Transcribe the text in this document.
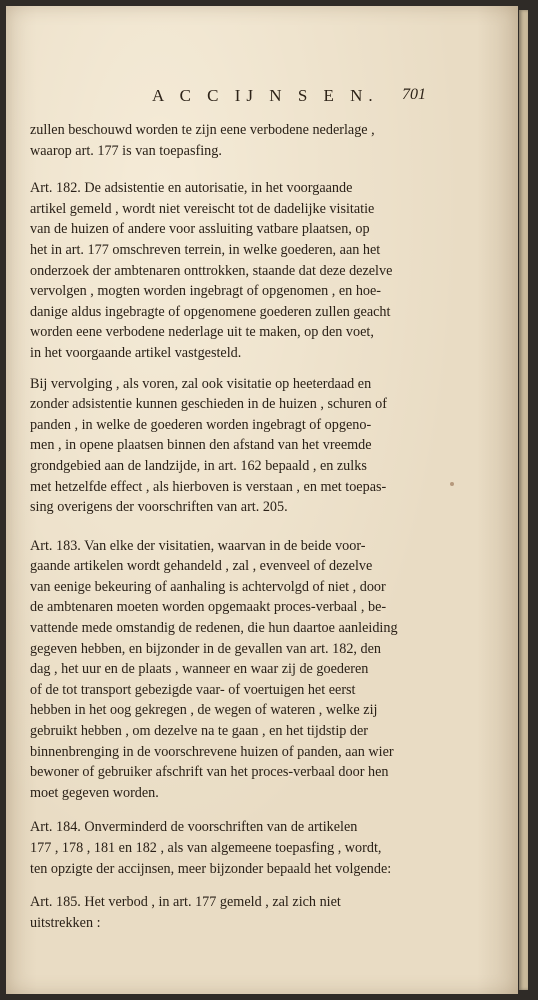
A C C IJ N S E N. 701

zullen beschouwd worden te zijn eene verbodene nederlage ,
waarop art. 177 is van toepasfing.

Art. 182. De adsistentie en autorisatie, in het voorgaande
artikel gemeld , wordt niet vereischt tot de dadelijke visitatie
van de huizen of andere voor assluiting vatbare plaatsen, op
het in art. 177 omschreven terrein, in welke goederen, aan het
onderzoek der ambtenaren onttrokken, staande dat deze dezelve
vervolgen , mogten worden ingebragt of opgenomen , en hoe-
danige aldus ingebragte of opgenomene goederen zullen geacht
worden eene verbodene nederlage uit te maken, op den voet,
in het voorgaande artikel vastgesteld.

Bij vervolging , als voren, zal ook visitatie op heeterdaad en
zonder adsistentie kunnen geschieden in de huizen , schuren of
panden , in welke de goederen worden ingebragt of opgeno-
men , in opene plaatsen binnen den afstand van het vreemde
grondgebied aan de landzijde, in art. 162 bepaald , en zulks
met hetzelfde effect , als hierboven is verstaan , en met toepas-
sing overigens der voorschriften van art. 205.

Art. 183. Van elke der visitatien, waarvan in de beide voor-
gaande artikelen wordt gehandeld , zal , evenveel of dezelve
van eenige bekeuring of aanhaling is achtervolgd of niet , door
de ambtenaren moeten worden opgemaakt proces-verbaal , be-
vattende mede omstandig de redenen, die hun daartoe aanleiding
gegeven hebben, en bijzonder in de gevallen van art. 182, den
dag , het uur en de plaats , wanneer en waar zij de goederen
of de tot transport gebezigde vaar- of voertuigen het eerst
hebben in het oog gekregen , de wegen of wateren , welke zij
gebruikt hebben , om dezelve na te gaan , en het tijdstip der
binnenbrenging in de voorschrevene huizen of panden, aan wier
bewoner of gebruiker afschrift van het proces-verbaal door hen
moet gegeven worden.

Art. 184. Onverminderd de voorschriften van de artikelen
177 , 178 , 181 en 182 , als van algemeene toepasfing , wordt,
ten opzigte der accijnsen, meer bijzonder bepaald het volgende:

Art. 185. Het verbod , in art. 177 gemeld , zal zich niet
uitstrekken :
